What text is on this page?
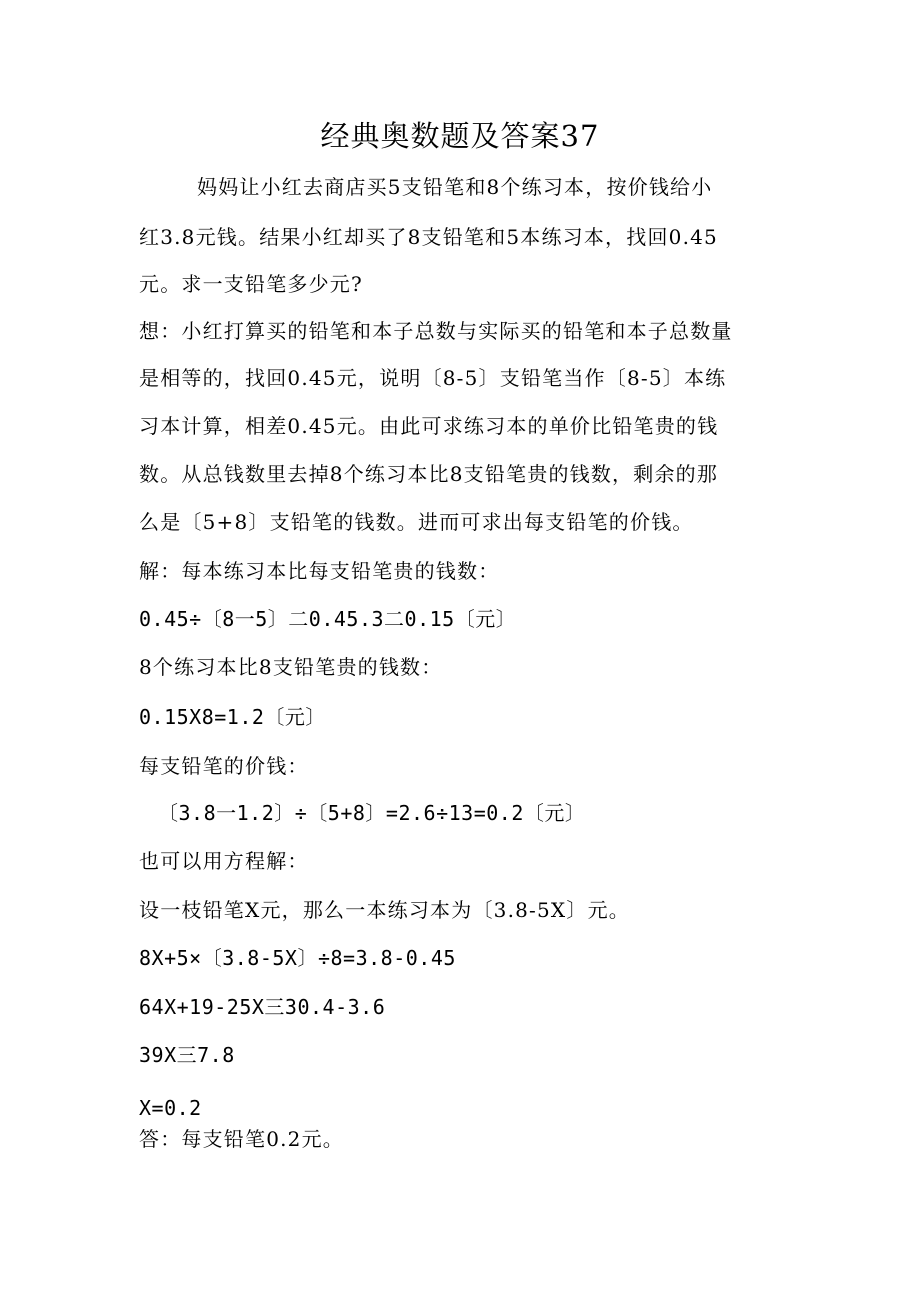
经典奥数题及答案37
妈妈让小红去商店买5支铅笔和8个练习本，按价钱给小
红3.8元钱。结果小红却买了8支铅笔和5本练习本，找回0.45
元。求一支铅笔多少元?
想：小红打算买的铅笔和本子总数与实际买的铅笔和本子总数量
是相等的，找回0.45元，说明〔8-5〕支铅笔当作〔8-5〕本练
习本计算，相差0.45元。由此可求练习本的单价比铅笔贵的钱
数。从总钱数里去掉8个练习本比8支铅笔贵的钱数，剩余的那
么是〔5+8〕支铅笔的钱数。进而可求出每支铅笔的价钱。
解：每本练习本比每支铅笔贵的钱数：
0.45÷〔8一5〕二0.45.3二0.15〔元〕
8个练习本比8支铅笔贵的钱数：
0.15X8=1.2〔元〕
每支铅笔的价钱：
〔3.8一1.2〕÷〔5+8〕=2.6÷13=0.2〔元〕
也可以用方程解：
设一枝铅笔X元，那么一本练习本为〔3.8-5X〕元。
8X+5×〔3.8-5X〕÷8=3.8-0.45
64X+19-25X三30.4-3.6
39X三7.8
X=0.2
答：每支铅笔0.2元。
